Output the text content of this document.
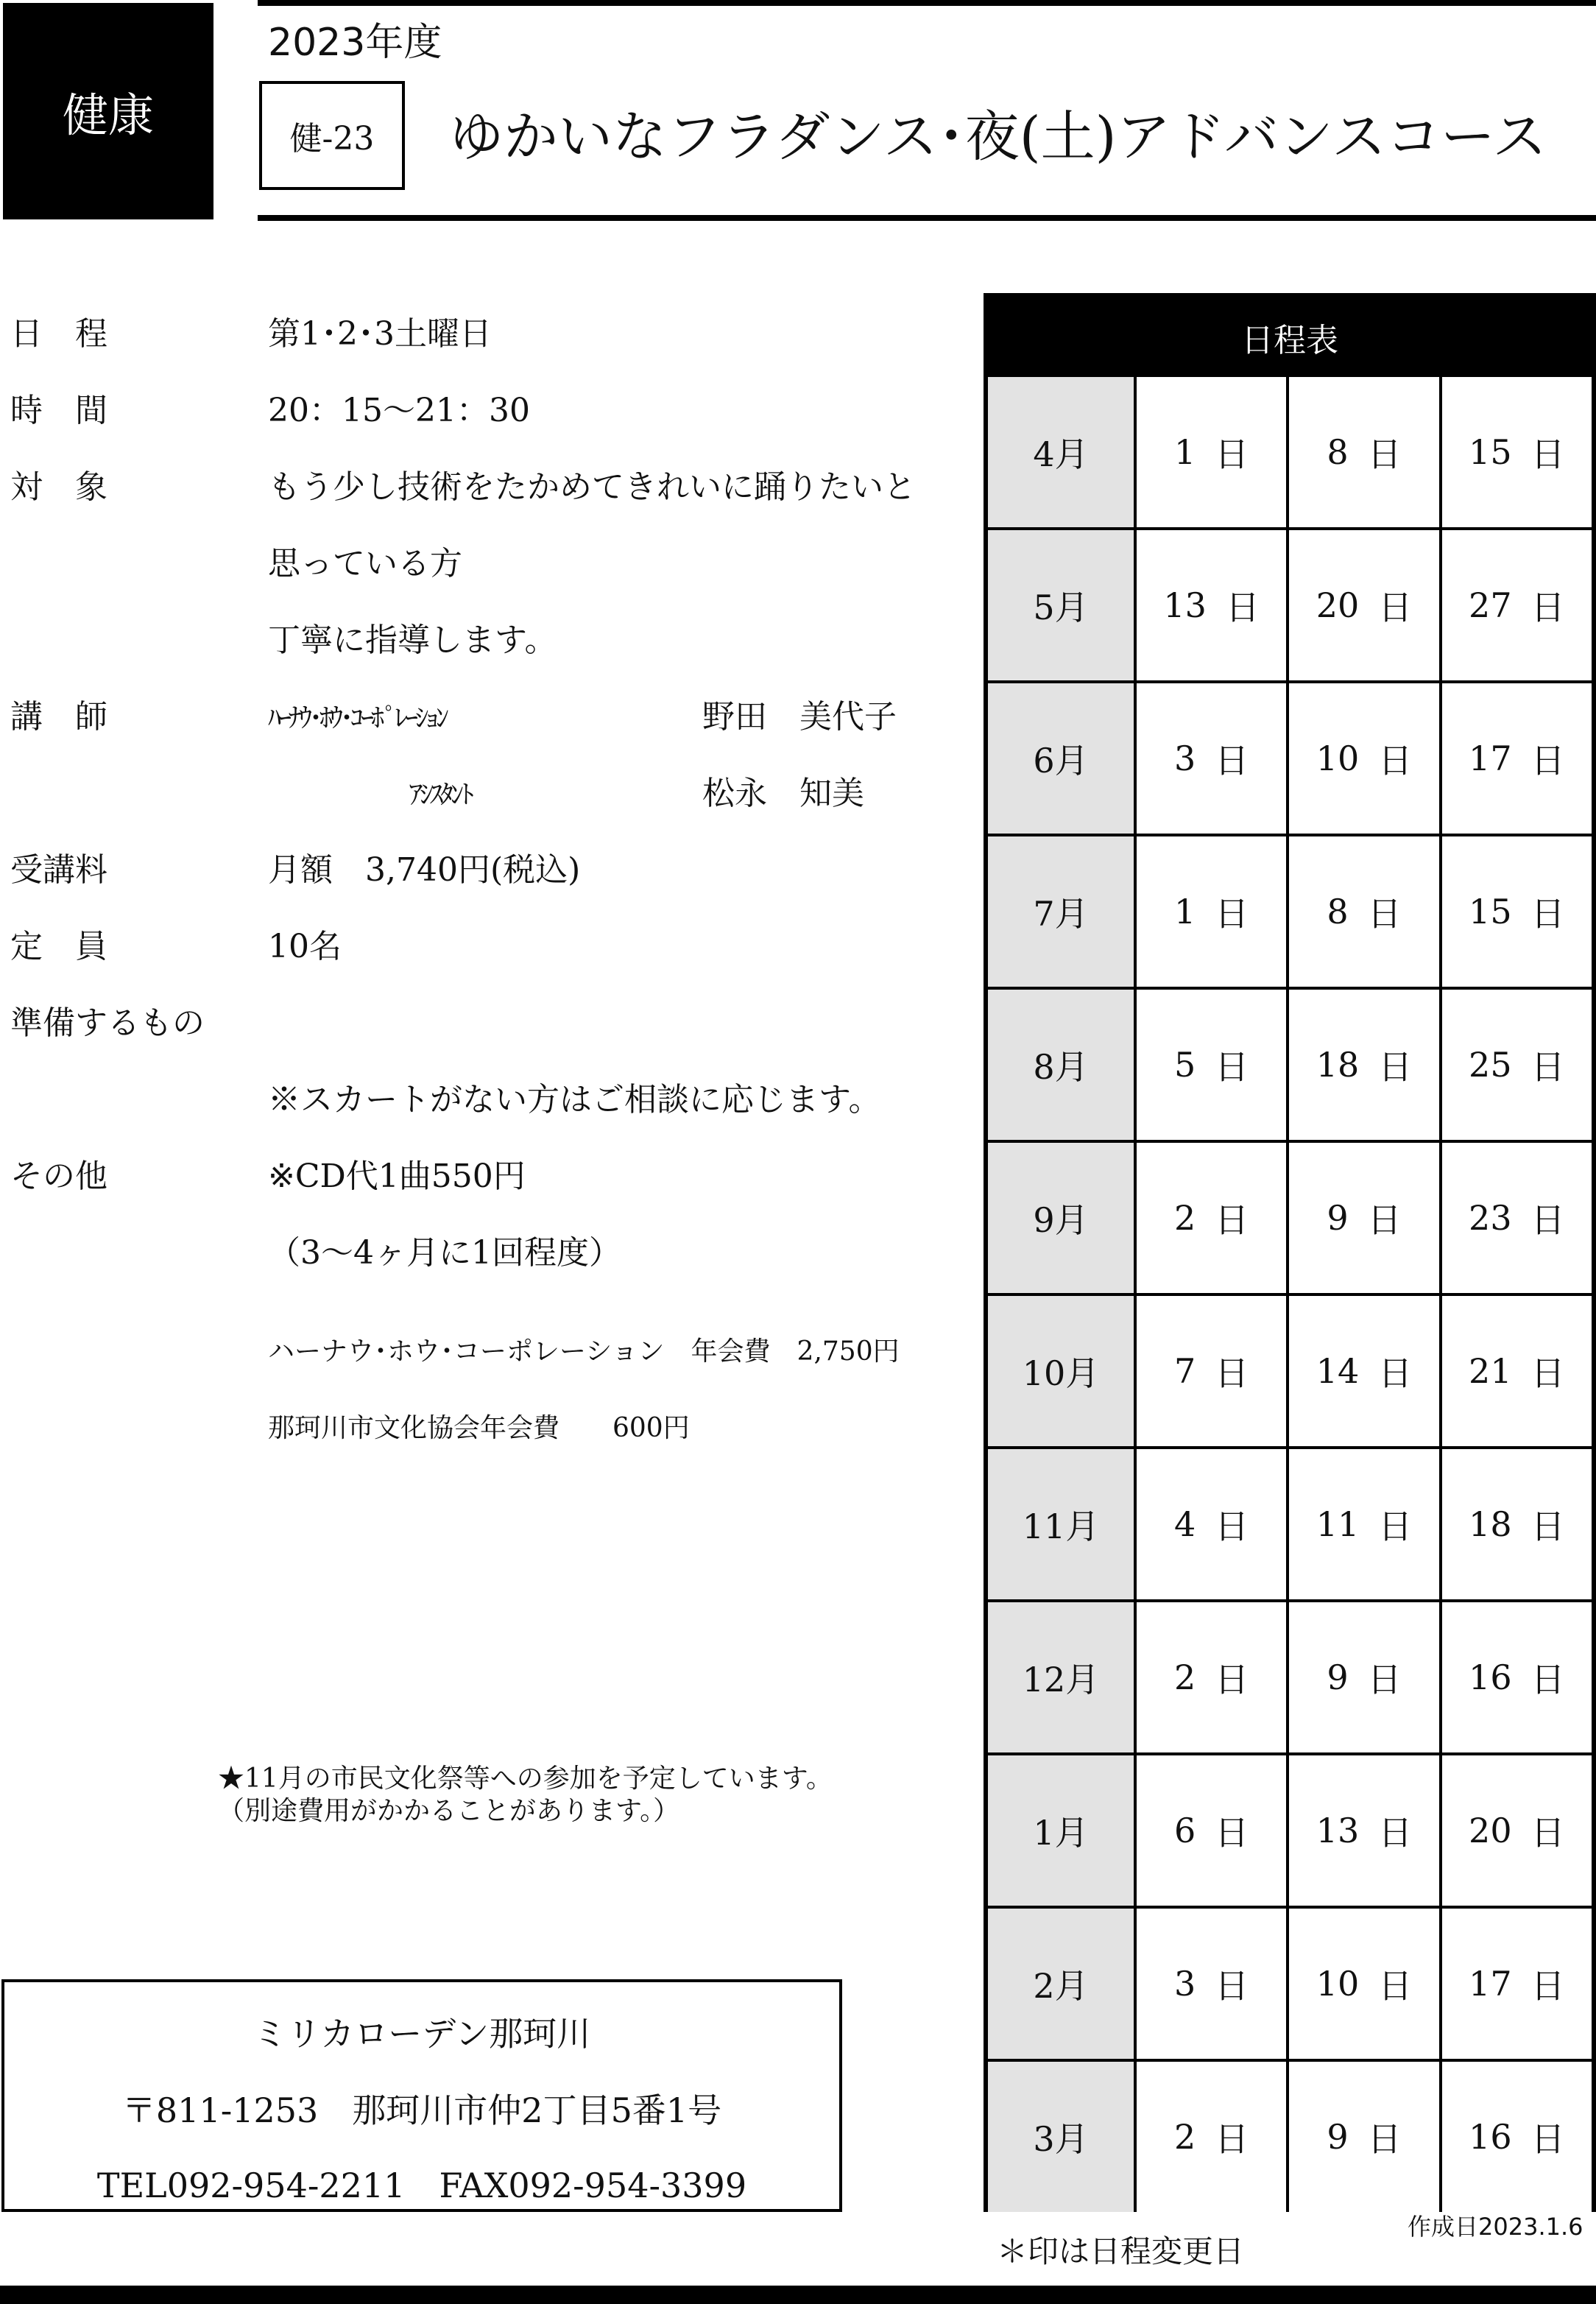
健康
2023年度
健-23	ゆかいなフラダンス･夜(土)アドバンスコース
日　程	第1･2･3土曜日
時　間	20：15～21：30
対　象	もう少し技術をたかめてきれいに踊りたいと
思っている方
丁寧に指導します。
講　師	ﾊｰﾅｳ･ﾎｳ･ｺｰﾎﾟﾚｰｼｮﾝ	野田　美代子
ｱｼｽﾀﾝﾄ	松永　知美
受講料	月額　3,740円(税込)
定　員	10名
準備するもの
※スカートがない方はご相談に応じます。
その他	※CD代1曲550円
（3～4ヶ月に1回程度）
ハーナウ･ホウ･コーポレーション　年会費　2,750円
那珂川市文化協会年会費　　600円
★11月の市民文化祭等への参加を予定しています。
（別途費用がかかることがあります。）
ミリカローデン那珂川
〒811-1253　那珂川市仲2丁目5番1号
TEL092-954-2211　FAX092-954-3399
日程表
4月	1 日 8 日 15 日
5月	13 日 20 日 27 日
6月	3 日 10 日 17 日
7月	1 日 8 日 15 日
8月	5 日 18 日 25 日
9月	2 日 9 日 23 日
10月	7 日 14 日 21 日
11月	4 日 11 日 18 日
12月	2 日 9 日 16 日
1月	6 日 13 日 20 日
2月	3 日 10 日 17 日
3月	2 日 9 日 16 日
作成日2023.1.6
＊印は日程変更日
